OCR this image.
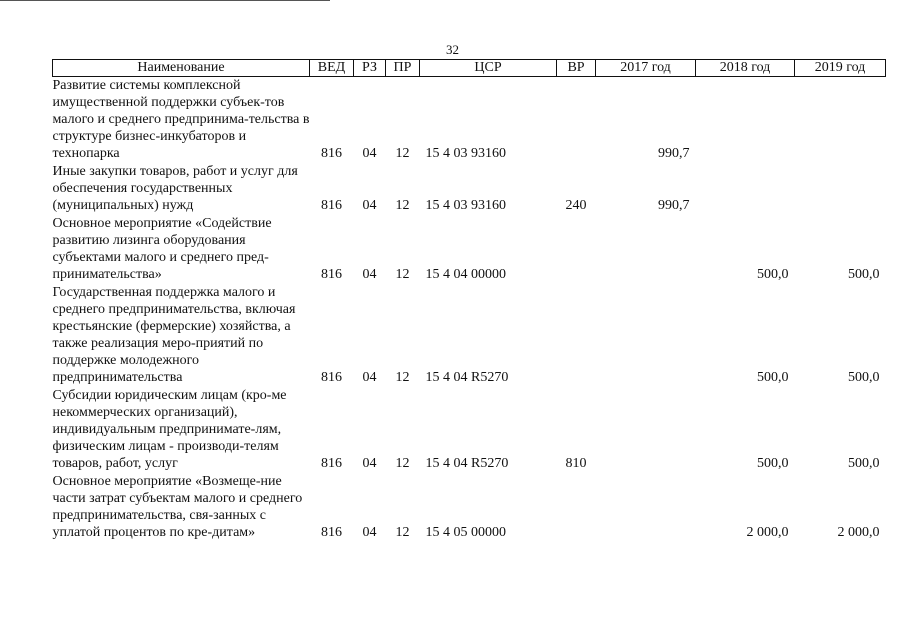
32
Наименование	ВЕД	РЗ	ПР	ЦСР	ВР	2017 год	2018 год	2019 год
Развитие системы комплексной имущественной поддержки субъек-тов малого и среднего предпринима-тельства в структуре бизнес-инкубаторов и технопарка	816	04	12	15 4 03 93160		990,7		
Иные закупки товаров, работ и услуг для обеспечения государственных (муниципальных) нужд	816	04	12	15 4 03 93160	240	990,7		
Основное мероприятие «Содействие развитию лизинга оборудования субъектами малого и среднего пред-принимательства»	816	04	12	15 4 04 00000			500,0	500,0
Государственная поддержка малого и среднего предпринимательства, включая крестьянские (фермерские) хозяйства, а также реализация меро-приятий по поддержке молодежного предпринимательства	816	04	12	15 4 04 R5270			500,0	500,0
Субсидии юридическим лицам (кро-ме некоммерческих организаций), индивидуальным предпринимате-лям, физическим лицам - производи-телям товаров, работ, услуг	816	04	12	15 4 04 R5270	810		500,0	500,0
Основное мероприятие «Возмеще-ние части затрат субъектам малого и среднего предпринимательства, свя-занных с уплатой процентов по кре-дитам»	816	04	12	15 4 05 00000			2 000,0	2 000,0
